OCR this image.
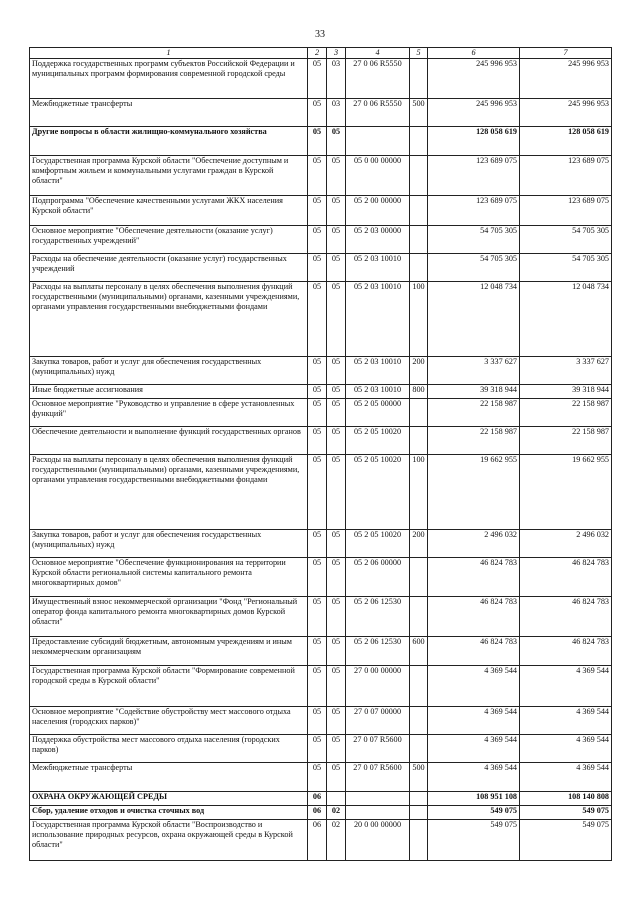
33
1	2	3	4	5	6	7
Поддержка государственных программ субъектов Российской Федерации и муниципальных программ формирования современной городской среды	05	03	27 0 06 R5550		245 996 953	245 996 953
Межбюджетные трансферты	05	03	27 0 06 R5550	500	245 996 953	245 996 953
Другие вопросы в области жилищно-коммунального хозяйства	05	05			128 058 619	128 058 619
Государственная программа Курской области "Обеспечение доступным и комфортным жильем и коммунальными услугами граждан в Курской области"	05	05	05 0 00 00000		123 689 075	123 689 075
Подпрограмма "Обеспечение качественными услугами ЖКХ населения Курской области"	05	05	05 2 00 00000		123 689 075	123 689 075
Основное мероприятие "Обеспечение деятельности (оказание услуг) государственных учреждений"	05	05	05 2 03 00000		54 705 305	54 705 305
Расходы на обеспечение деятельности (оказание услуг) государственных учреждений	05	05	05 2 03 10010		54 705 305	54 705 305
Расходы на выплаты персоналу в целях обеспечения выполнения функций государственными (муниципальными) органами, казенными учреждениями, органами управления государственными внебюджетными фондами	05	05	05 2 03 10010	100	12 048 734	12 048 734
Закупка товаров, работ и услуг для обеспечения государственных (муниципальных) нужд	05	05	05 2 03 10010	200	3 337 627	3 337 627
Иные бюджетные ассигнования	05	05	05 2 03 10010	800	39 318 944	39 318 944
Основное мероприятие "Руководство и управление в сфере установленных функций"	05	05	05 2 05 00000		22 158 987	22 158 987
Обеспечение деятельности и выполнение функций государственных органов	05	05	05 2 05 10020		22 158 987	22 158 987
Расходы на выплаты персоналу в целях обеспечения выполнения функций государственными (муниципальными) органами, казенными учреждениями, органами управления государственными внебюджетными фондами	05	05	05 2 05 10020	100	19 662 955	19 662 955
Закупка товаров, работ и услуг для обеспечения государственных (муниципальных) нужд	05	05	05 2 05 10020	200	2 496 032	2 496 032
Основное мероприятие "Обеспечение функционирования на территории Курской области региональной системы капитального ремонта многоквартирных домов"	05	05	05 2 06 00000		46 824 783	46 824 783
Имущественный взнос некоммерческой организации "Фонд "Региональный оператор фонда капитального ремонта многоквартирных домов Курской области"	05	05	05 2 06 12530		46 824 783	46 824 783
Предоставление субсидий бюджетным, автономным учреждениям и иным некоммерческим организациям	05	05	05 2 06 12530	600	46 824 783	46 824 783
Государственная программа Курской области "Формирование современной городской среды в Курской области"	05	05	27 0 00 00000		4 369 544	4 369 544
Основное мероприятие "Содействие обустройству мест массового отдыха населения (городских парков)"	05	05	27 0 07 00000		4 369 544	4 369 544
Поддержка обустройства мест массового отдыха населения (городских парков)	05	05	27 0 07 R5600		4 369 544	4 369 544
Межбюджетные трансферты	05	05	27 0 07 R5600	500	4 369 544	4 369 544
ОХРАНА ОКРУЖАЮЩЕЙ СРЕДЫ	06				108 951 108	108 140 808
Сбор, удаление отходов и очистка сточных вод	06	02			549 075	549 075
Государственная программа Курской области "Воспроизводство и использование природных ресурсов, охрана окружающей среды в Курской области"	06	02	20 0 00 00000		549 075	549 075
